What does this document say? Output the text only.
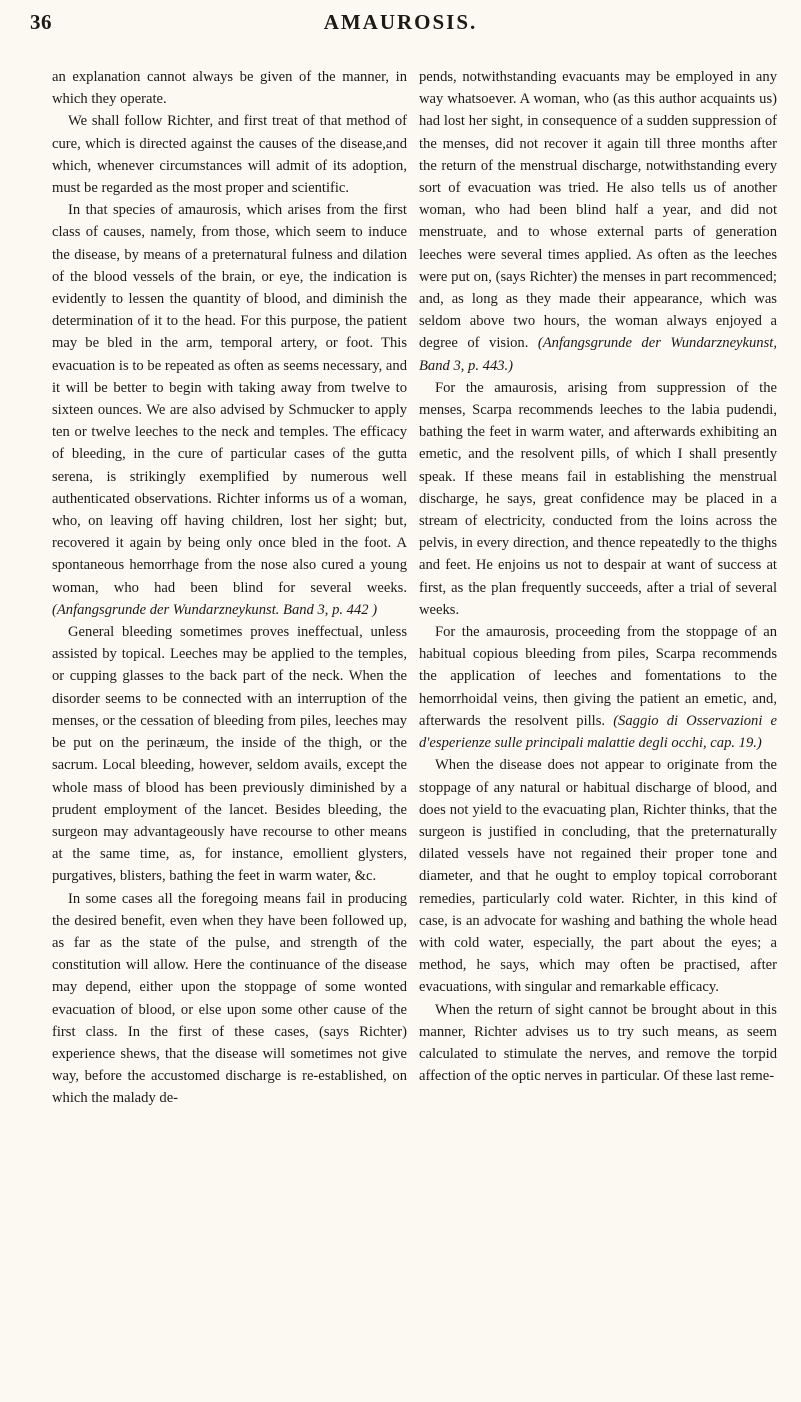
36	AMAUROSIS.

an explanation cannot always be given of the manner, in which they operate.

We shall follow Richter, and first treat of that method of cure, which is directed against the causes of the disease,and which, whenever circumstances will admit of its adoption, must be regarded as the most proper and scientific.

In that species of amaurosis, which arises from the first class of causes, namely, from those, which seem to induce the disease, by means of a preternatural fulness and dilation of the blood vessels of the brain, or eye, the indication is evidently to lessen the quantity of blood, and diminish the determination of it to the head. For this purpose, the patient may be bled in the arm, temporal artery, or foot. This evacuation is to be repeated as often as seems necessary, and it will be better to begin with taking away from twelve to sixteen ounces. We are also advised by Schmucker to apply ten or twelve leeches to the neck and temples. The efficacy of bleeding, in the cure of particular cases of the gutta serena, is strikingly exemplified by numerous well authenticated observations. Richter informs us of a woman, who, on leaving off having children, lost her sight; but, recovered it again by being only once bled in the foot. A spontaneous hemorrhage from the nose also cured a young woman, who had been blind for several weeks. (Anfangsgrunde der Wundarzneykunst. Band 3, p. 442 )

General bleeding sometimes proves ineffectual, unless assisted by topical. Leeches may be applied to the temples, or cupping glasses to the back part of the neck. When the disorder seems to be connected with an interruption of the menses, or the cessation of bleeding from piles, leeches may be put on the perinæum, the inside of the thigh, or the sacrum. Local bleeding, however, seldom avails, except the whole mass of blood has been previously diminished by a prudent employment of the lancet. Besides bleeding, the surgeon may advantageously have recourse to other means at the same time, as, for instance, emollient glysters, purgatives, blisters, bathing the feet in warm water, &c.

In some cases all the foregoing means fail in producing the desired benefit, even when they have been followed up, as far as the state of the pulse, and strength of the constitution will allow. Here the continuance of the disease may depend, either upon the stoppage of some wonted evacuation of blood, or else upon some other cause of the first class. In the first of these cases, (says Richter) experience shews, that the disease will sometimes not give way, before the accustomed discharge is re-established, on which the malady de-

pends, notwithstanding evacuants may be employed in any way whatsoever. A woman, who (as this author acquaints us) had lost her sight, in consequence of a sudden suppression of the menses, did not recover it again till three months after the return of the menstrual discharge, notwithstanding every sort of evacuation was tried. He also tells us of another woman, who had been blind half a year, and did not menstruate, and to whose external parts of generation leeches were several times applied. As often as the leeches were put on, (says Richter) the menses in part recommenced; and, as long as they made their appearance, which was seldom above two hours, the woman always enjoyed a degree of vision. (Anfangsgrunde der Wundarzneykunst, Band 3, p. 443.)

For the amaurosis, arising from suppression of the menses, Scarpa recommends leeches to the labia pudendi, bathing the feet in warm water, and afterwards exhibiting an emetic, and the resolvent pills, of which I shall presently speak. If these means fail in establishing the menstrual discharge, he says, great confidence may be placed in a stream of electricity, conducted from the loins across the pelvis, in every direction, and thence repeatedly to the thighs and feet. He enjoins us not to despair at want of success at first, as the plan frequently succeeds, after a trial of several weeks.

For the amaurosis, proceeding from the stoppage of an habitual copious bleeding from piles, Scarpa recommends the application of leeches and fomentations to the hemorrhoidal veins, then giving the patient an emetic, and, afterwards the resolvent pills. (Saggio di Osservazioni e d'esperienze sulle principali malattie degli occhi, cap. 19.)

When the disease does not appear to originate from the stoppage of any natural or habitual discharge of blood, and does not yield to the evacuating plan, Richter thinks, that the surgeon is justified in concluding, that the preternaturally dilated vessels have not regained their proper tone and diameter, and that he ought to employ topical corroborant remedies, particularly cold water. Richter, in this kind of case, is an advocate for washing and bathing the whole head with cold water, especially, the part about the eyes; a method, he says, which may often be practised, after evacuations, with singular and remarkable efficacy.

When the return of sight cannot be brought about in this manner, Richter advises us to try such means, as seem calculated to stimulate the nerves, and remove the torpid affection of the optic nerves in particular. Of these last reme-
